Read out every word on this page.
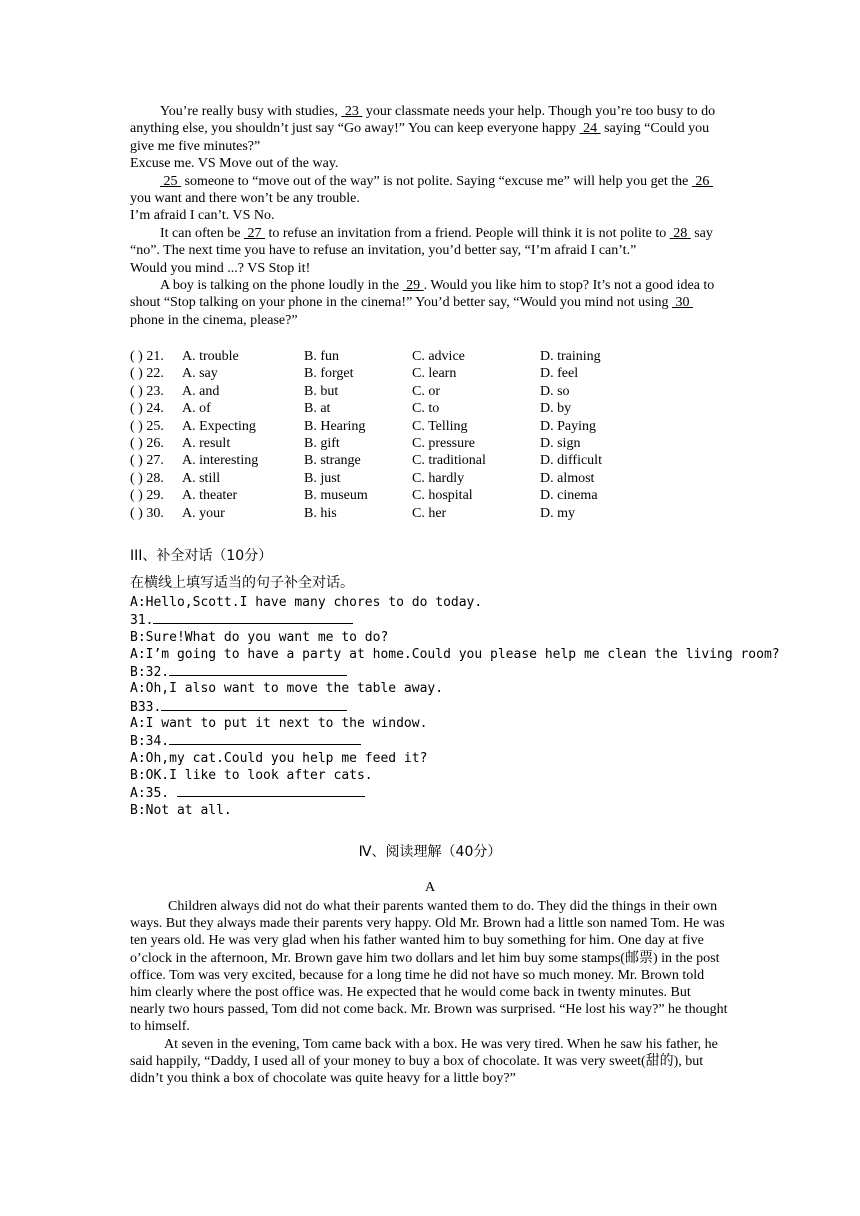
You’re really busy with studies,  23  your classmate needs your help. Though you’re too busy to do anything else, you shouldn’t just say “Go away!” You can keep everyone happy  24  saying “Could you give me five minutes?”

Excuse me. VS Move out of the way.

25  someone to “move out of the way” is not polite. Saying “excuse me” will help you get the  26  you want and there won’t be any trouble.

I’m afraid I can’t. VS No.

It can often be  27  to refuse an invitation from a friend. People will think it is not polite to  28  say “no”. The next time you have to refuse an invitation, you’d better say, “I’m afraid I can’t.”

Would you mind ...? VS Stop it!

A boy is talking on the phone loudly in the  29 . Would you like him to stop? It’s not a good idea to shout “Stop talking on your phone in the cinema!” You’d better say, “Would you mind not using  30  phone in the cinema, please?”

( ) 21. A. trouble	B. fun	C. advice	D. training
( ) 22. A. say	B. forget	C. learn	D. feel
( ) 23. A. and	B. but	C. or	D. so
( ) 24. A. of	B. at	C. to	D. by
( ) 25. A. Expecting	B. Hearing	C. Telling	D. Paying
( ) 26. A. result	B. gift	C. pressure	D. sign
( ) 27. A. interesting	B. strange	C. traditional	D. difficult
( ) 28. A. still	B. just	C. hardly	D. almost
( ) 29. A. theater	B. museum	C. hospital	D. cinema
( ) 30. A. your	B. his	C. her	D. my
III、补全对话（10分）
在横线上填写适当的句子补全对话。
A:Hello,Scott.I have many chores to do today.
31.
B:Sure!What do you want me to do?
A:I’m going to have a party at home.Could you please help me clean the living room?
B:32.
A:Oh,I also want to move the table away.
B33.
A:I want to put it next to the window.
B:34.
A:Oh,my cat.Could you help me feed it?
B:OK.I like to look after cats.
A:35.
B:Not at all.
Ⅳ、阅读理解（40分）
A

Children always did not do what their parents wanted them to do. They did the things in their own ways. But they always made their parents very happy. Old Mr. Brown had a little son named Tom. He was ten years old. He was very glad when his father wanted him to buy something for him. One day at five o’clock in the afternoon, Mr. Brown gave him two dollars and let him buy some stamps(邮票) in the post office. Tom was very excited, because for a long time he did not have so much money. Mr. Brown told him clearly where the post office was. He expected that he would come back in twenty minutes. But nearly two hours passed, Tom did not come back. Mr. Brown was surprised. “He lost his way?” he thought to himself.

At seven in the evening, Tom came back with a box. He was very tired. When he saw his father, he said happily, “Daddy, I used all of your money to buy a box of chocolate. It was very sweet(甜的), but didn’t you think a box of chocolate was quite heavy for a little boy?”
